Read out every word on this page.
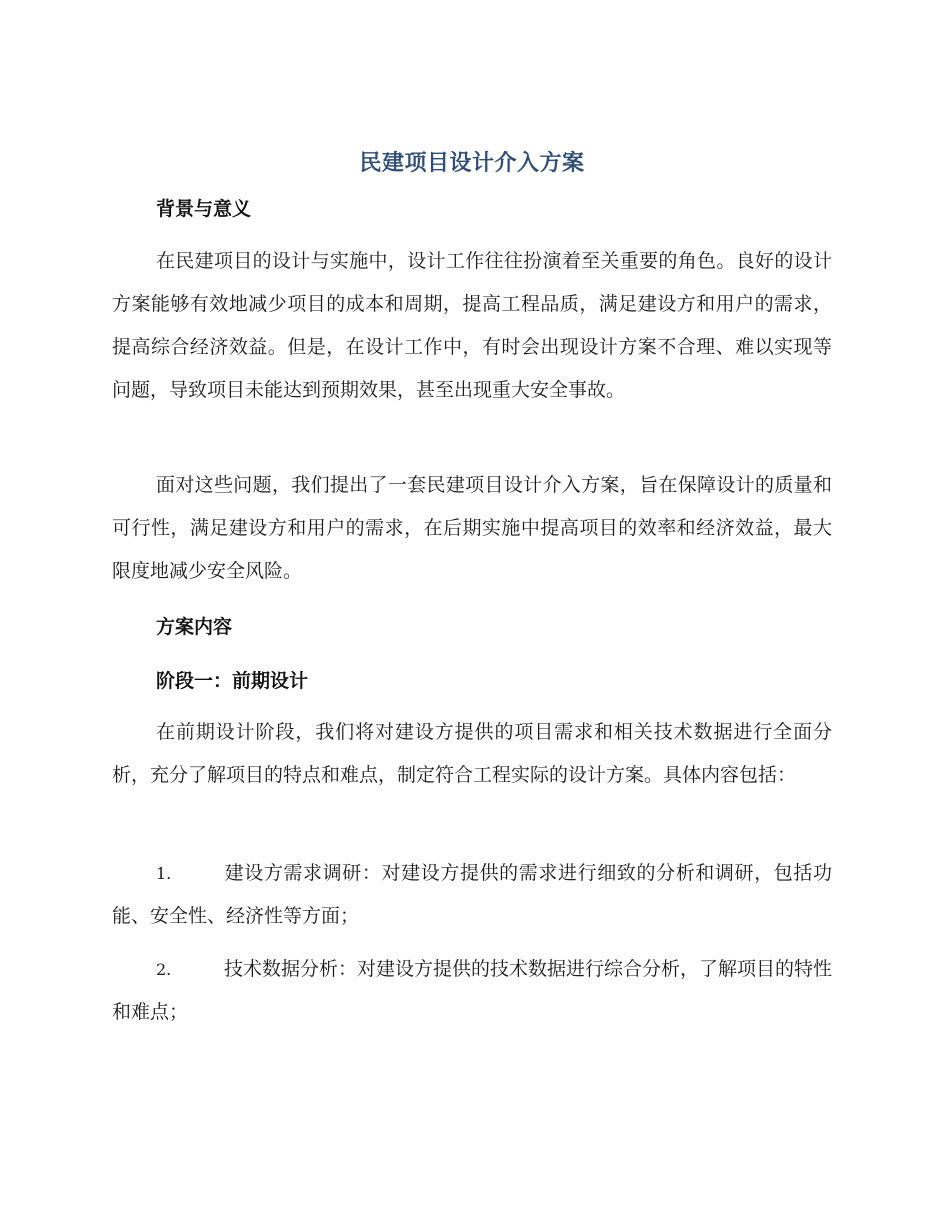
民建项目设计介入方案
背景与意义

在民建项目的设计与实施中，设计工作往往扮演着至关重要的角色。良好的设计方案能够有效地减少项目的成本和周期，提高工程品质，满足建设方和用户的需求，提高综合经济效益。但是，在设计工作中，有时会出现设计方案不合理、难以实现等问题，导致项目未能达到预期效果，甚至出现重大安全事故。

面对这些问题，我们提出了一套民建项目设计介入方案，旨在保障设计的质量和可行性，满足建设方和用户的需求，在后期实施中提高项目的效率和经济效益，最大限度地减少安全风险。

方案内容
阶段一：前期设计

在前期设计阶段，我们将对建设方提供的项目需求和相关技术数据进行全面分析，充分了解项目的特点和难点，制定符合工程实际的设计方案。具体内容包括：

1.	建设方需求调研：对建设方提供的需求进行细致的分析和调研，包括功能、安全性、经济性等方面；

2.	技术数据分析：对建设方提供的技术数据进行综合分析，了解项目的特性和难点；
